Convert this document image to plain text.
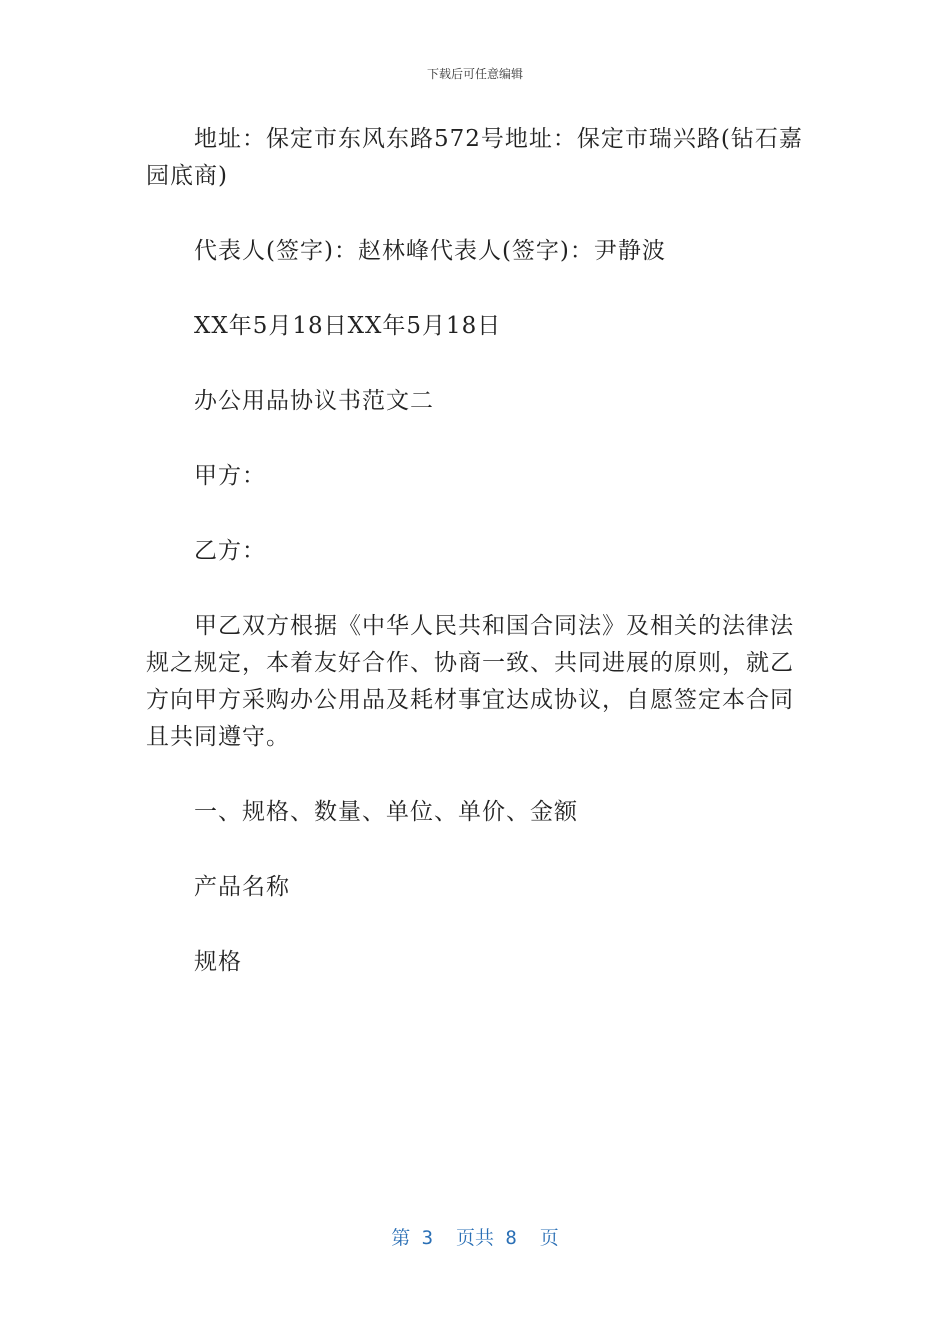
下载后可任意编辑

地址：保定市东风东路572号地址：保定市瑞兴路(钻石嘉园底商)

代表人(签字)：赵林峰代表人(签字)：尹静波

XX年5月18日XX年5月18日

办公用品协议书范文二

甲方：

乙方：

甲乙双方根据《中华人民共和国合同法》及相关的法律法规之规定，本着友好合作、协商一致、共同进展的原则，就乙方向甲方采购办公用品及耗材事宜达成协议，自愿签定本合同且共同遵守。

一、规格、数量、单位、单价、金额

产品名称

规格

第 3  页共 8  页
